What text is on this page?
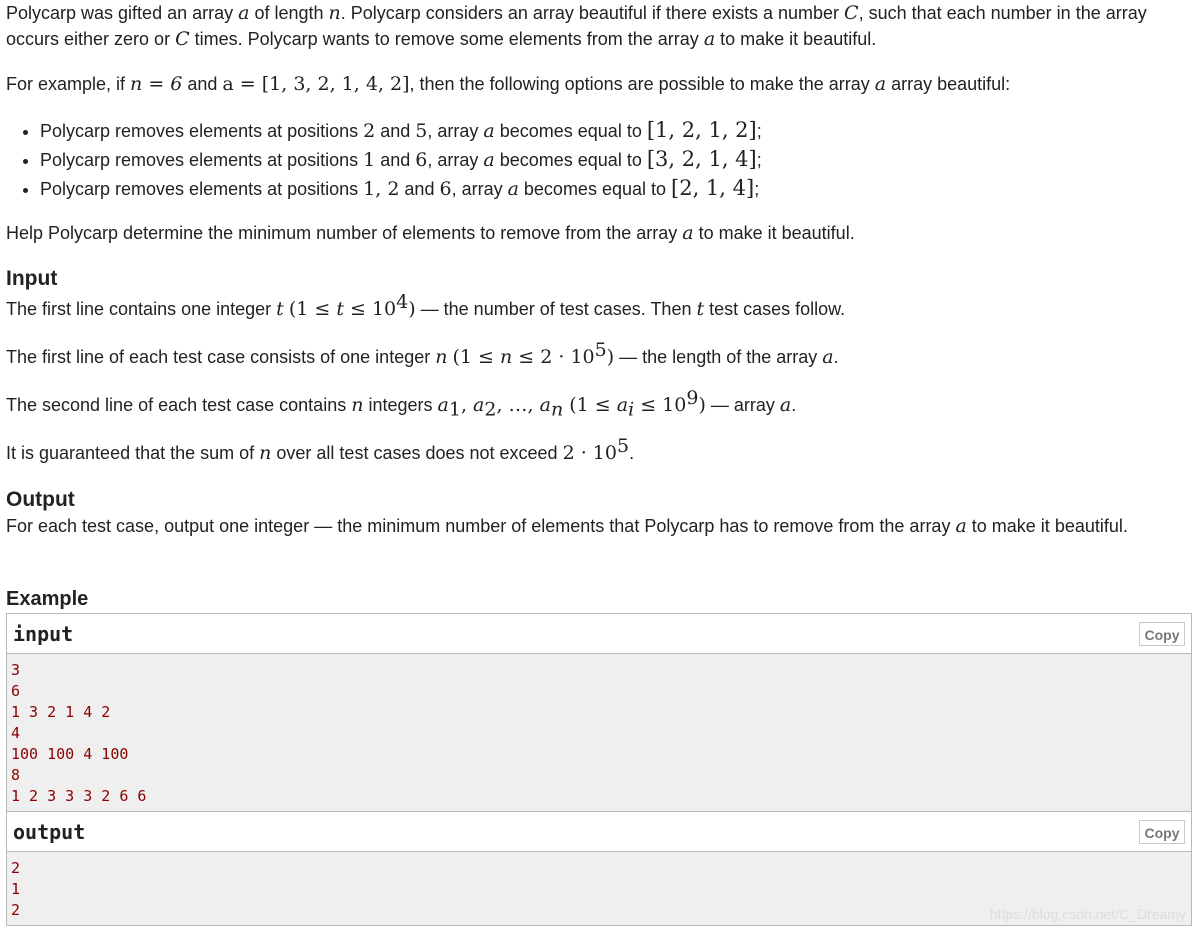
Polycarp was gifted an array a of length n. Polycarp considers an array beautiful if there exists a number C, such that each number in the array occurs either zero or C times. Polycarp wants to remove some elements from the array a to make it beautiful.

For example, if n = 6 and a = [1, 3, 2, 1, 4, 2], then the following options are possible to make the array a array beautiful:

• Polycarp removes elements at positions 2 and 5, array a becomes equal to [1, 2, 1, 2];
• Polycarp removes elements at positions 1 and 6, array a becomes equal to [3, 2, 1, 4];
• Polycarp removes elements at positions 1, 2 and 6, array a becomes equal to [2, 1, 4];

Help Polycarp determine the minimum number of elements to remove from the array a to make it beautiful.

Input

The first line contains one integer t $(1 \le t \le 10^4)$ — the number of test cases. Then t test cases follow.

The first line of each test case consists of one integer n $(1 \le n \le 2 \cdot 10^5)$ — the length of the array a.

The second line of each test case contains n integers $a_1$, $a_2$, …, $a_n$ $(1 \le a_i \le 10^9)$ — array a.

It is guaranteed that the sum of n over all test cases does not exceed $2 \cdot 10^5$.

Output

For each test case, output one integer — the minimum number of elements that Polycarp has to remove from the array a to make it beautiful.

Example
input	Copy
3
6
1 3 2 1 4 2
4
100 100 4 100
8
1 2 3 3 3 2 6 6
output	Copy
2
1
2	https://blog.csdn.net/C_Dreamy
